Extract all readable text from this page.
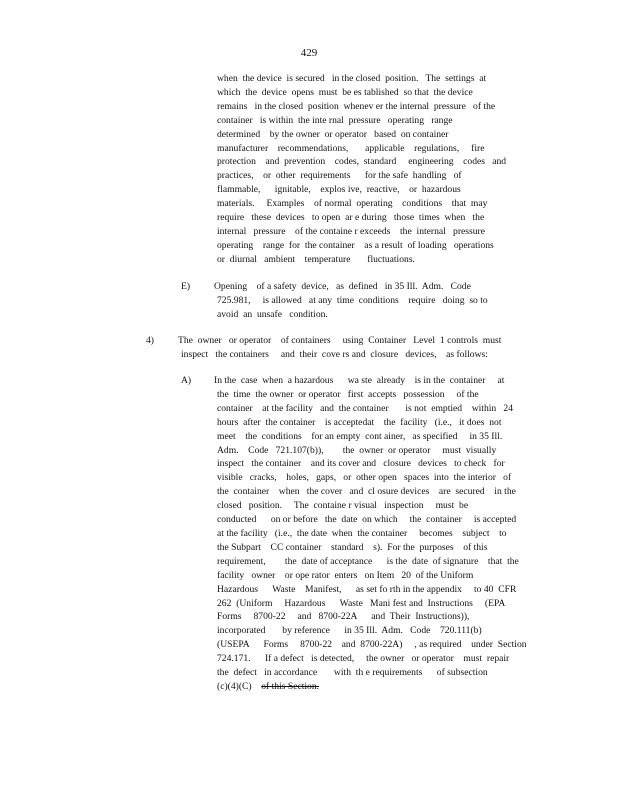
429
when  the device  is secured   in the closed  position.   The  settings  at
which  the  device  opens  must  be es tablished  so that  the device
remains   in the closed  position  whenev er the internal  pressure   of the
container   is within  the inte rnal  pressure   operating   range
determined    by the owner  or operator   based  on container
manufacturer    recommendations,       applicable    regulations,     fire
protection    and  prevention    codes,  standard     engineering    codes   and
practices,    or  other  requirements      for the safe  handling   of
flammable,      ignitable,    explos ive,  reactive,    or  hazardous
materials.     Examples    of normal  operating    conditions    that  may
require   these  devices   to open  ar e during   those  times  when   the
internal   pressure    of the containe r exceeds    the  internal   pressure
operating    range  for  the container    as a result  of loading   operations
or  diurnal   ambient    temperature       fluctuations.
E) Opening    of a safety  device,   as  defined   in 35 Ill.  Adm.   Code
725.981,     is allowed   at any  time  conditions    require   doing  so to
avoid  an  unsafe   condition.
4)	The  owner   or operator    of containers     using  Container   Level  1 controls  must
inspect   the containers     and  their  cove rs and  closure   devices,    as follows:
A) In the  case  when  a hazardous      wa ste  already    is in the  container     at
the  time  the owner  or operator   first  accepts   possession     of the
container    at the facility   and  the container       is not  emptied    within   24
hours  after  the container    is acceptedat    the  facility   (i.e.,   it does  not
meet    the  conditions    for an empty  cont ainer,   as specified     in 35 Ill.
Adm.    Code   721.107(b)),        the  owner  or operator     must  visually
inspect   the container    and its cover and   closure   devices   to check   for
visible   cracks,    holes,   gaps,   or  other open   spaces  into  the interior   of
the  container    when   the cover   and  cl osure devices    are  secured    in the
closed   position.     The  containe r visual   inspection     must  be
conducted      on or before   the  date  on which     the  container     is accepted
at the facility   (i.e.,  the date  when  the container     becomes    subject    to
the Subpart    CC container    standard    s).  For the  purposes    of this
requirement,        the  date of acceptance      is the  date  of signature    that  the
facility   owner    or ope rator  enters   on Item   20  of the Uniform
Hazardous      Waste    Manifest,      as set fo rth in the appendix     to 40  CFR
262  (Uniform     Hazardous      Waste   Mani fest and  Instructions     (EPA
Forms     8700-22     and   8700-22A      and  Their  Instructions)),
incorporated       by reference      in 35 Ill.  Adm.   Code    720.111(b)
(USEPA      Forms     8700-22    and  8700-22A)     , as required    under  Section
724.171.      If a defect   is detected,     the owner   or operator    must  repair
the  defect   in accordance       with  th e requirements      of subsection
(c)(4)(C) of this Section.
